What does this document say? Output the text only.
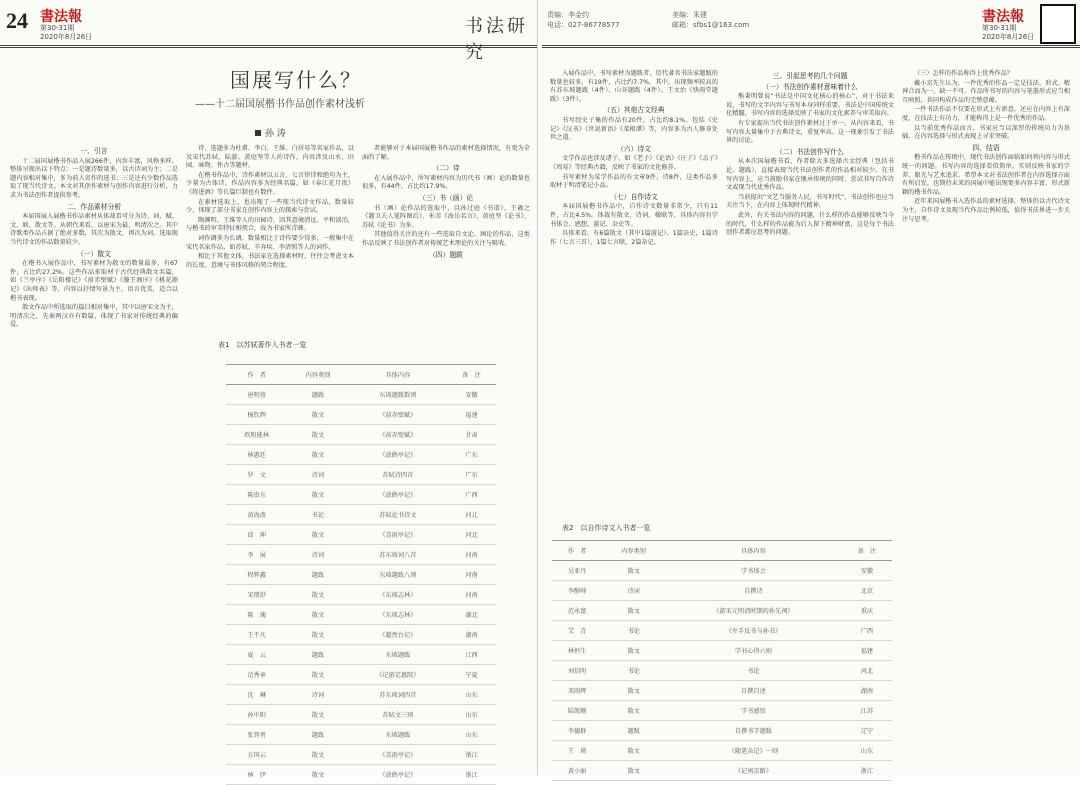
24 書法報
第30-31期
2020年8月26日	书法研究
国展写什么？
——十二届国展楷书作品创作素材浅析
孙 涛
一、引言

十二届国展楷书作品入展266件，内容丰富，风格多样。整体呈现出以下特点：一是题诗数量多，以古诗词为主；二是题内容相对集中，多为前人名作的选书；三是还有少数作品选取了现当代诗文。本文对其创作素材与创作内容进行分析，力求为书法创作者提供参考。

二、作品素材分析

本届国展入展楷书作品素材从体裁看可分为诗、词、赋、文、联、散文等。从朝代来看，以唐宋为最，明清次之。其中诗歌类作品占据了绝对多数，其次为散文，再次为词。选取现当代诗文的作品数量较少。

（一）散文

在楷书入展作品中，书写素材为散文的数量最多，有67件，占比约27.2%。这些作品多取材于古代经典散文名篇，如《兰亭序》《岳阳楼记》《前赤壁赋》《滕王阁序》《桃花源记》《出师表》等，内容以抒情写景为主，语言优美，适合以楷书表现。

散文作品中所选取的篇目相对集中，其中以唐宋文为主，明清次之，先秦两汉亦有数篇，体现了书家对传统经典的偏爱。

诗，选题多为杜甫、李白、王维、白居易等名家作品，以及宋代苏轼、陆游、黄庭坚等人的诗作，内容涉及山水、田园、咏物、怀古等题材。

在楷书作品中，诗作素材以五言、七言律诗和绝句为主，少量为古体诗。作品内容多为经典名篇，如《春江花月夜》《将进酒》等长篇巨制也有数件。

在素材选取上，也出现了一些现当代诗文作品，数量较少，体现了部分书家在创作内容上的探索与尝试。

陶渊明、王维等人的田园诗，因其意境清远、平和淡泊，与楷书的审美特征相契合，故为书家所青睐。

词作调多为长调，数量相比于诗作要少得多，一般集中在宋代名家作品，如苏轼、辛弃疾、李清照等人的词作。

相比于其他文体，书法家在选择素材时，往往会考虑文本的长度、意境与书体风格的契合程度。

者能够对于本届国展楷书作品的素材选择情况，有更为全面的了解。

（二）诗

在入展作品中，所写素材内容为历代书（画）论的数量也很多，有44件。占比约17.9%。

（三）书（画）论

书（画）论作品的选取中，以孙过庭《书谱》、王羲之《题卫夫人笔阵图后》、米芾《海岳名言》、黄庭坚《论书》、苏轼《论书》为多。

其他值得关注的还有一些选取自文论、画论的作品，这类作品反映了书法创作者对传统艺术理论的关注与吸收。

（四）题跋
表1　以苏轼著作入书者一览
作　者	内容类别	具体内容	备　注
唐明蓉	题跋	东坡题跋数则	安徽
杨钦辉	散文	《前赤壁赋》	福建
欧阳能林	散文	《前赤壁赋》	甘肃
林惠廷	散文	《放鹤亭记》	广东
罗　文	诗词	苏轼诗四首	广东
陈贵东	散文	《放鹤亭记》	广西
黄海波	书论	苏轼论书诗文	河北
邱　坤	散文	《喜雨亭记》	河北
李　展	诗词	苏东坡词八首	河南
程辉鑫	题跋	东坡题跋八则	河南
宋朋舒	散文	《东坡志林》	河南
陈　瑰	散文	《东坡志林》	湖北
王不凡	散文	《超然台记》	湖南
夏　云	题跋	东坡题跋	江西
范秀章	散文	《记游定惠院》	宁夏
沈　琳	诗词	苏东坡词四首	山东
孙中阳	散文	苏轼文三则	山东
张智勇	题跋	东坡题跋	山东
方国云	散文	《喜雨亭记》	浙江
林　伊	散文	《放鹤亭记》	浙江
责编：李金约
电话：027-86778577
美编：朱建
邮箱：sfbs1@163.com	書法報
第30-31期
2020年8月26日

入展作品中，书写素材为题跋者，历代著名书法家题跋的数量也较多，有19件，占比约7.7%。其中，出现频率较高的有苏东坡题跋（4件）、山谷题跋（4件）、王文治《快雨堂题跋》（3件）。

（五）其他古文经典

书写经史子集的作品有20件，占比约8.1%。包括《史记》《汉书》《世说新语》《菜根谭》等，内容多为古人修身处世之道。

（六）诗文

文学作品也涉及诸子，如《老子》《论语》《庄子》《孟子》《周易》等经典古籍，反映了书家的文化修养。

书写素材为某学作品的有文章9件，诗8件，这类作品多取材于明清笔记小品。

（七）自作诗文

本届国展楷书作品中，自作诗文数量非常少，只有11件，占比4.5%。体裁有散文、诗词、楹联等，具体内容有学书体会、感想、游记、杂史等。

具体来看，有6篇散文（其中1篇游记）、1篇杂史，1篇诗作（七言三首），1篇七言联，2篇杂记。

三、引起思考的几个问题
（一）书法创作素材意味着什么

熊秉明曾说“书法是中国文化核心的核心”，对于书法来说，书写的文字内容与书写本身同样重要。书法是中国传统文化精髓，书写内容的选择反映了书家的文化素养与审美取向。

有专家提出当代书法创作素材过于单一，从内容来看，书写内容大量集中于古典诗文，重复率高。这一现象引发了书法界的讨论。

（二）书法创作写什么

从本次国展楷书看，作者除大多选择古文经典（包括书论、题跋），直接表现当代书法创作者的作品相对较少。在书写内容上，应当鼓励书家在继承传统的同时，尝试书写自作诗文或现当代优秀作品。

当前提出“文艺当服务人民，书写时代”，书法创作也应当关注当下，在内容上体现时代精神。

此外，有关书法内容的问题，什么样的作品能够反映当今的时代、什么样的作品能为后人留下精神财富，这是每个书法创作者都应思考的问题。

（三）怎样的作品称得上优秀作品？

戴小京先生认为，一件优秀的作品一定是技法、形式、精神合而为一，缺一不可。作品所书写的内容与笔墨形式应当相互映照，共同构成作品的完整意蕴。

一件书法作品不仅要在形式上有新意，还应在内容上有深度，在技法上有功力，才能称得上是一件优秀的作品。

以当前优秀作品而言，书家应当以深厚的传统功力为基础，在内容选择与形式表现上寻求突破。

四、结语

楷书作品在传统中，现代书法创作面临如何将内容与形式统一的问题。书写内容的选择看似简单，实则反映书家的学养、眼光与艺术追求。希望本文对书法创作者在内容选择方面有所启发，也期待未来的国展中能出现更多内容丰富、形式新颖的楷书作品。

近年来国展楷书入选作品的素材选择，整体仍以古代诗文为主，自作诗文及现当代作品比例较低，值得书法界进一步关注与思考。

表2　以自作诗文入书者一览
作　者	内容类别	具体内容	备　注
吴亚丹	散文	学书体会	安徽
李醇帅	诗词	自撰诗	北京
范永富	散文	《游宋元明清时期的孙先祠》	重庆
艾　青	书论	《左手反书与孙书》	广西
林恒生	散文	学书心得六则	福建
刘信明	书论	书论	河北
邓雨辉	散文	自撰自述	湖南
陆凯顺	散文	学书感悟	江苏
李德群	题跋	自撰书学题跋	辽宁
王　瑛	散文	《随笔杂记》一则	山东
黄小丽	散文	《记南京路》	浙江
